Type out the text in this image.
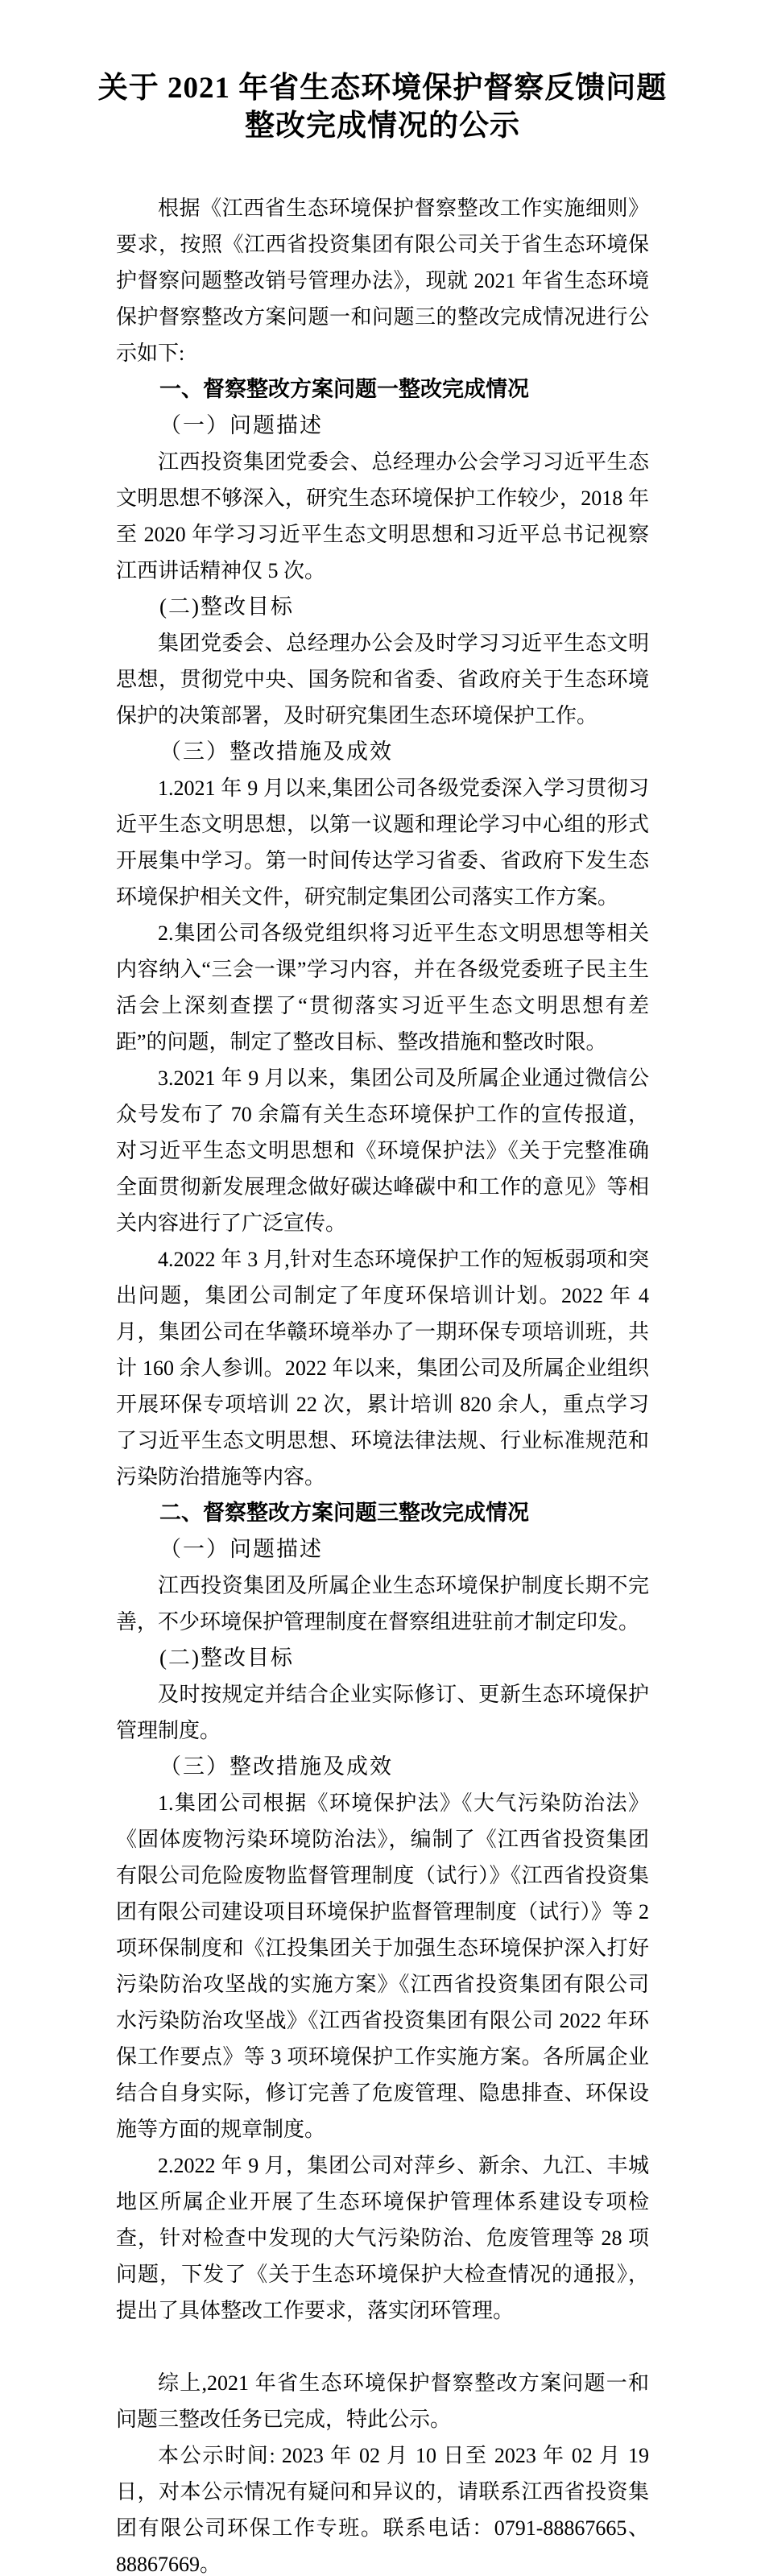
关于 2021 年省生态环境保护督察反馈问题
整改完成情况的公示

根据《江西省生态环境保护督察整改工作实施细则》要求，按照《江西省投资集团有限公司关于省生态环境保护督察问题整改销号管理办法》，现就 2021 年省生态环境保护督察整改方案问题一和问题三的整改完成情况进行公示如下:

一、督察整改方案问题一整改完成情况

（一）问题描述

江西投资集团党委会、总经理办公会学习习近平生态文明思想不够深入，研究生态环境保护工作较少，2018 年至 2020 年学习习近平生态文明思想和习近平总书记视察江西讲话精神仅 5 次。

(二)整改目标

集团党委会、总经理办公会及时学习习近平生态文明思想，贯彻党中央、国务院和省委、省政府关于生态环境保护的决策部署，及时研究集团生态环境保护工作。

（三）整改措施及成效

1.2021 年 9 月以来,集团公司各级党委深入学习贯彻习近平生态文明思想，以第一议题和理论学习中心组的形式开展集中学习。第一时间传达学习省委、省政府下发生态环境保护相关文件，研究制定集团公司落实工作方案。

2.集团公司各级党组织将习近平生态文明思想等相关内容纳入“三会一课”学习内容，并在各级党委班子民主生活会上深刻查摆了“贯彻落实习近平生态文明思想有差距”的问题，制定了整改目标、整改措施和整改时限。

3.2021 年 9 月以来，集团公司及所属企业通过微信公众号发布了 70 余篇有关生态环境保护工作的宣传报道，对习近平生态文明思想和《环境保护法》《关于完整准确全面贯彻新发展理念做好碳达峰碳中和工作的意见》等相关内容进行了广泛宣传。

4.2022 年 3 月,针对生态环境保护工作的短板弱项和突出问题，集团公司制定了年度环保培训计划。2022 年 4 月，集团公司在华赣环境举办了一期环保专项培训班，共计 160 余人参训。2022 年以来，集团公司及所属企业组织开展环保专项培训 22 次，累计培训 820 余人，重点学习了习近平生态文明思想、环境法律法规、行业标准规范和污染防治措施等内容。

二、督察整改方案问题三整改完成情况

（一）问题描述

江西投资集团及所属企业生态环境保护制度长期不完善，不少环境保护管理制度在督察组进驻前才制定印发。

(二)整改目标

及时按规定并结合企业实际修订、更新生态环境保护管理制度。

（三）整改措施及成效

1.集团公司根据《环境保护法》《大气污染防治法》《固体废物污染环境防治法》，编制了《江西省投资集团有限公司危险废物监督管理制度（试行）》《江西省投资集团有限公司建设项目环境保护监督管理制度（试行）》等 2 项环保制度和《江投集团关于加强生态环境保护深入打好污染防治攻坚战的实施方案》《江西省投资集团有限公司水污染防治攻坚战》《江西省投资集团有限公司 2022 年环保工作要点》等 3 项环境保护工作实施方案。各所属企业结合自身实际，修订完善了危废管理、隐患排查、环保设施等方面的规章制度。

2.2022 年 9 月，集团公司对萍乡、新余、九江、丰城地区所属企业开展了生态环境保护管理体系建设专项检查，针对检查中发现的大气污染防治、危废管理等 28 项问题，下发了《关于生态环境保护大检查情况的通报》，提出了具体整改工作要求，落实闭环管理。

综上,2021 年省生态环境保护督察整改方案问题一和问题三整改任务已完成，特此公示。

本公示时间: 2023 年 02 月 10 日至 2023 年 02 月 19 日，对本公示情况有疑问和异议的，请联系江西省投资集团有限公司环保工作专班。联系电话：0791-88867665、88867669。
